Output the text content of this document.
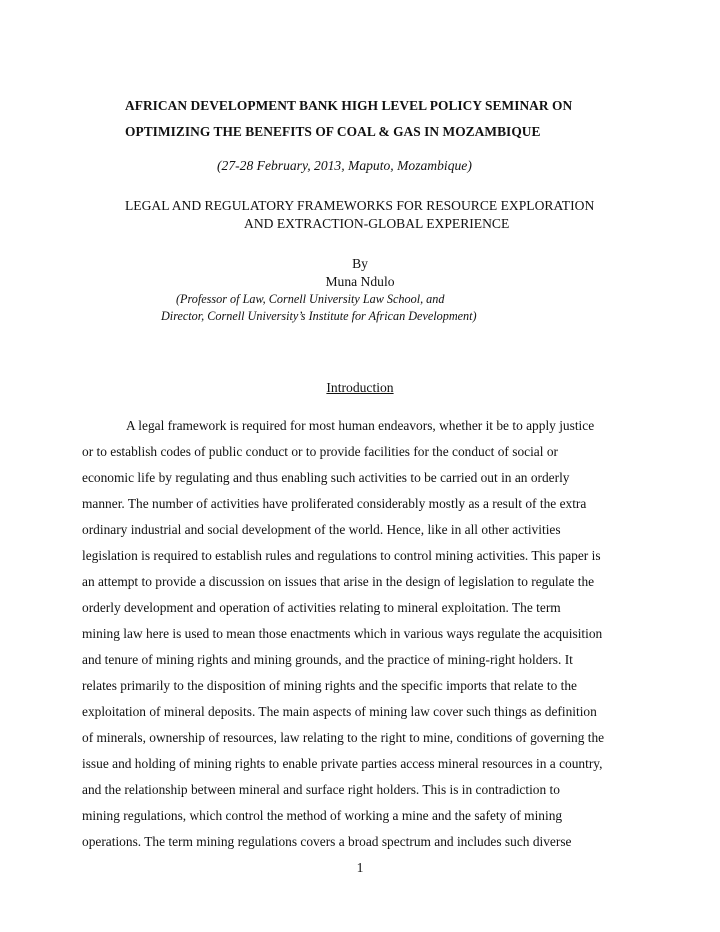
AFRICAN DEVELOPMENT BANK HIGH LEVEL POLICY SEMINAR ON
OPTIMIZING THE BENEFITS OF COAL & GAS IN MOZAMBIQUE
(27-28 February, 2013, Maputo, Mozambique)
LEGAL AND REGULATORY FRAMEWORKS FOR RESOURCE EXPLORATION
AND EXTRACTION-GLOBAL EXPERIENCE
By
Muna Ndulo
(Professor of Law, Cornell University Law School, and
Director, Cornell University’s Institute for African Development)
Introduction
A legal framework is required for most human endeavors, whether it be to apply justice
or to establish codes of public conduct or to provide facilities for the conduct of social or
economic life by regulating and thus enabling such activities to be carried out in an orderly
manner. The number of activities have proliferated considerably mostly as a result of the extra
ordinary industrial and social development of the world. Hence, like in all other activities
legislation is required to establish rules and regulations to control mining activities. This paper is
an attempt to provide a discussion on issues that arise in the design of legislation to regulate the
orderly development and operation of activities relating to mineral exploitation. The term
mining law here is used to mean those enactments which in various ways regulate the acquisition
and tenure of mining rights and mining grounds, and the practice of mining-right holders. It
relates primarily to the disposition of mining rights and the specific imports that relate to the
exploitation of mineral deposits. The main aspects of mining law cover such things as definition
of minerals, ownership of resources, law relating to the right to mine, conditions of governing the
issue and holding of mining rights to enable private parties access mineral resources in a country,
and the relationship between mineral and surface right holders. This is in contradiction to
mining regulations, which control the method of working a mine and the safety of mining
operations. The term mining regulations covers a broad spectrum and includes such diverse
1
